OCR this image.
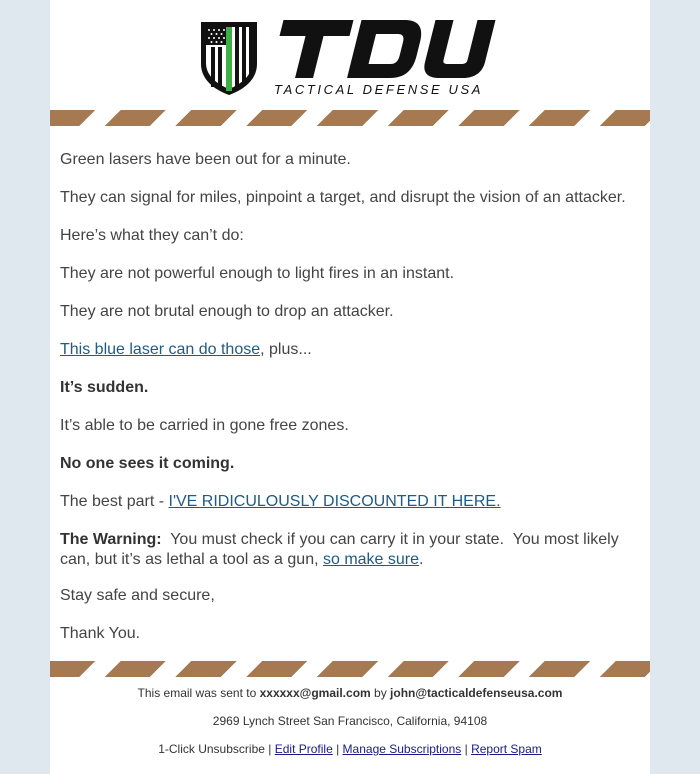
TACTICAL DEFENSE USA

Green lasers have been out for a minute.

They can signal for miles, pinpoint a target, and disrupt the vision of an attacker.

Here’s what they can’t do:

They are not powerful enough to light fires in an instant.

They are not brutal enough to drop an attacker.

This blue laser can do those, plus...

It’s sudden.

It’s able to be carried in gone free zones.

No one sees it coming.

The best part - I'VE RIDICULOUSLY DISCOUNTED IT HERE.

The Warning:  You must check if you can carry it in your state.  You most likely can, but it’s as lethal a tool as a gun, so make sure.

Stay safe and secure,

Thank You.

This email was sent to xxxxxx@gmail.com by john@tacticaldefenseusa.com
2969 Lynch Street San Francisco, California, 94108
1-Click Unsubscribe | Edit Profile | Manage Subscriptions | Report Spam
